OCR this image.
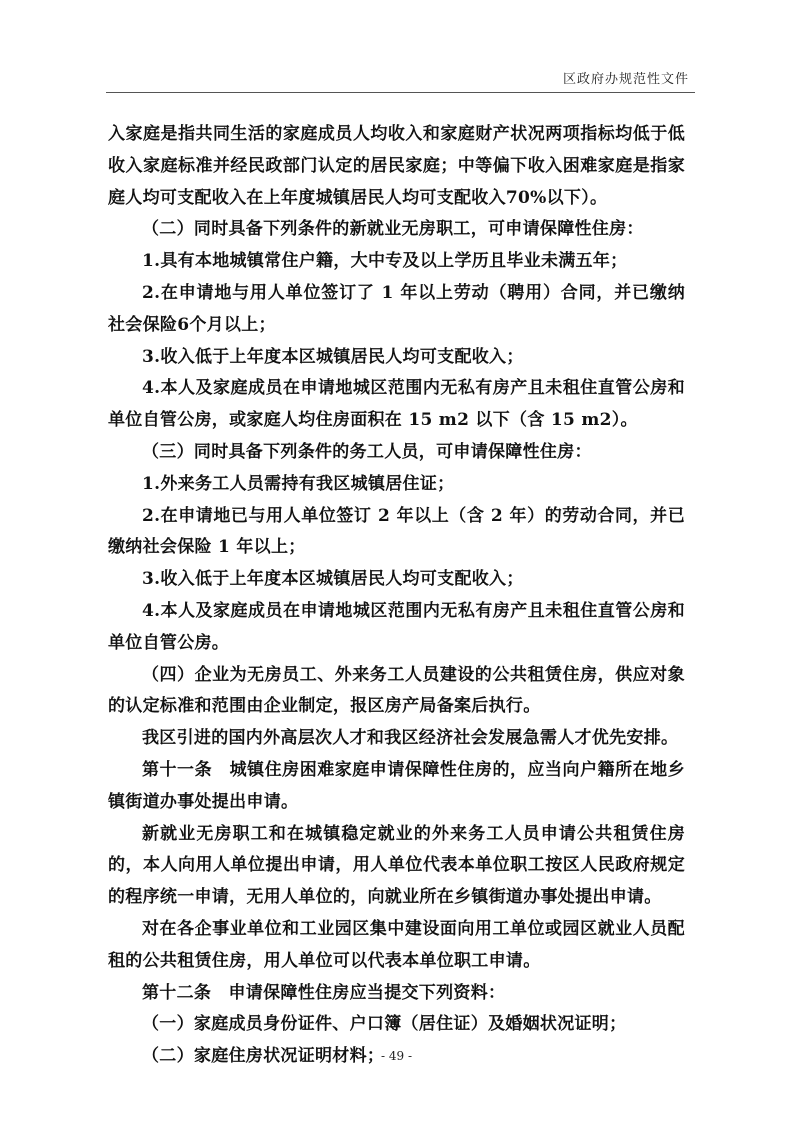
区政府办规范性文件

入家庭是指共同生活的家庭成员人均收入和家庭财产状况两项指标均低于低收入家庭标准并经民政部门认定的居民家庭；中等偏下收入困难家庭是指家庭人均可支配收入在上年度城镇居民人均可支配收入70%以下）。

（二）同时具备下列条件的新就业无房职工，可申请保障性住房：

1.具有本地城镇常住户籍，大中专及以上学历且毕业未满五年；

2.在申请地与用人单位签订了 1 年以上劳动（聘用）合同，并已缴纳社会保险6个月以上；

3.收入低于上年度本区城镇居民人均可支配收入；

4.本人及家庭成员在申请地城区范围内无私有房产且未租住直管公房和单位自管公房，或家庭人均住房面积在 15 m2 以下（含 15 m2）。

（三）同时具备下列条件的务工人员，可申请保障性住房：

1.外来务工人员需持有我区城镇居住证；

2.在申请地已与用人单位签订 2 年以上（含 2 年）的劳动合同，并已缴纳社会保险 1 年以上；

3.收入低于上年度本区城镇居民人均可支配收入；

4.本人及家庭成员在申请地城区范围内无私有房产且未租住直管公房和单位自管公房。

（四）企业为无房员工、外来务工人员建设的公共租赁住房，供应对象的认定标准和范围由企业制定，报区房产局备案后执行。

我区引进的国内外高层次人才和我区经济社会发展急需人才优先安排。

第十一条　城镇住房困难家庭申请保障性住房的，应当向户籍所在地乡镇街道办事处提出申请。

新就业无房职工和在城镇稳定就业的外来务工人员申请公共租赁住房的，本人向用人单位提出申请，用人单位代表本单位职工按区人民政府规定的程序统一申请，无用人单位的，向就业所在乡镇街道办事处提出申请。

对在各企事业单位和工业园区集中建设面向用工单位或园区就业人员配租的公共租赁住房，用人单位可以代表本单位职工申请。

第十二条　申请保障性住房应当提交下列资料：

（一）家庭成员身份证件、户口簿（居住证）及婚姻状况证明；

（二）家庭住房状况证明材料；

- 49 -
